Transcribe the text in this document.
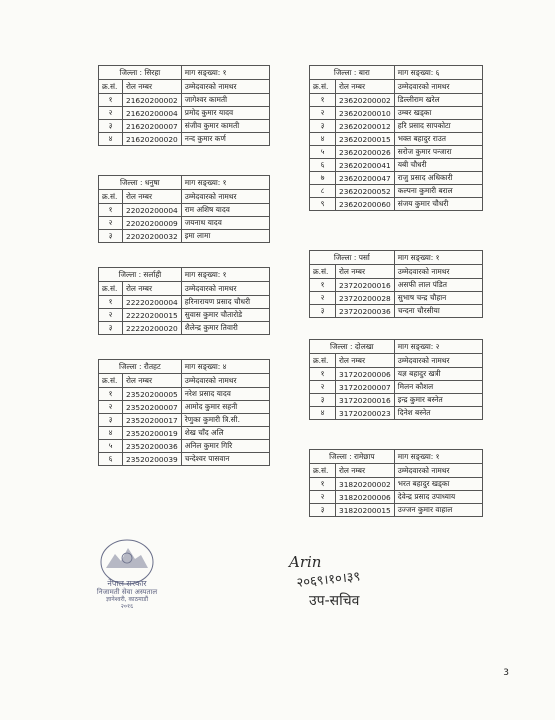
जिल्ला : सिरहा		माग सङ्ख्या: १
क्र.सं.	रोल नम्बर	उम्मेदवारको नामथर
१	21620200002	जागेश्वर कामती
२	21620200004	प्रमोद कुमार यादव
३	21620200007	संजीव कुमार कामती
४	21620200020	नन्द कुमार कर्ण
जिल्ला : धनुषा		माग सङ्ख्या: १
क्र.सं.	रोल नम्बर	उम्मेदवारको नामथर
१	22020200004	राम अशिष यादव
२	22020200009	जयनाथ यादव
३	22020200032	इमा लामा
जिल्ला : सर्लाही		माग सङ्ख्या: १
क्र.सं.	रोल नम्बर	उम्मेदवारको नामथर
१	22220200004	हरिनारायण प्रसाद चौधरी
२	22220200015	सुवास कुमार चौतारोडे
३	22220200020	शैलेन्द्र कुमार तिवारी
जिल्ला : रौतहट		माग सङ्ख्या: ४
क्र.सं.	रोल नम्बर	उम्मेदवारको नामथर
१	23520200005	नरेश प्रसाद यादव
२	23520200007	आमोद कुमार सहनी
३	23520200017	रेणुका कुमारी त्रि.सी.
४	23520200019	शेख चाँद अलि
५	23520200036	अनिल कुमार गिरि
६	23520200039	चन्देश्वर पासवान
जिल्ला : बारा		माग सङ्ख्या: ६
क्र.सं.	रोल नम्बर	उम्मेदवारको नामथर
१	23620200002	डिल्लीराम खरेल
२	23620200010	उम्बर खड्का
३	23620200012	हरि प्रसाद सापकोटा
४	23620200015	भक्त बहादुर राउत
५	23620200026	सरोज कुमार पन्जारा
६	23620200041	यबी चौधरी
७	23620200047	राजु प्रसाद अधिकारी
८	23620200052	कल्पना कुमारी बराल
९	23620200060	संजय कुमार चौधरी
जिल्ला : पर्सा		माग सङ्ख्या: १
क्र.सं.	रोल नम्बर	उम्मेदवारको नामथर
१	23720200016	असफी लाल पंडित
२	23720200028	सुभाष चन्द्र चौहान
३	23720200036	चन्दना चौरसीया
जिल्ला : दोलखा		माग सङ्ख्या: २
क्र.सं.	रोल नम्बर	उम्मेदवारको नामथर
१	31720200006	यज्ञ बहादुर खत्री
२	31720200007	मिलन कौशल
३	31720200016	इन्द्र कुमार बस्नेत
४	31720200023	दिनेश बस्नेत
जिल्ला : रामेछाप		माग सङ्ख्या: १
क्र.सं.	रोल नम्बर	उम्मेदवारको नामथर
१	31820200002	भरत बहादुर खड्का
२	31820200006	देवेन्द्र प्रसाद उपाध्याय
३	31820200015	उज्जन कुमार वाहाल
नेपाल सरकार
निजामती सेवा अस्पताल
ज्ञानेश्वरी, काठमाडौं
२०१६
Arin
२०६९।१०।३९
उप-सचिव
3
